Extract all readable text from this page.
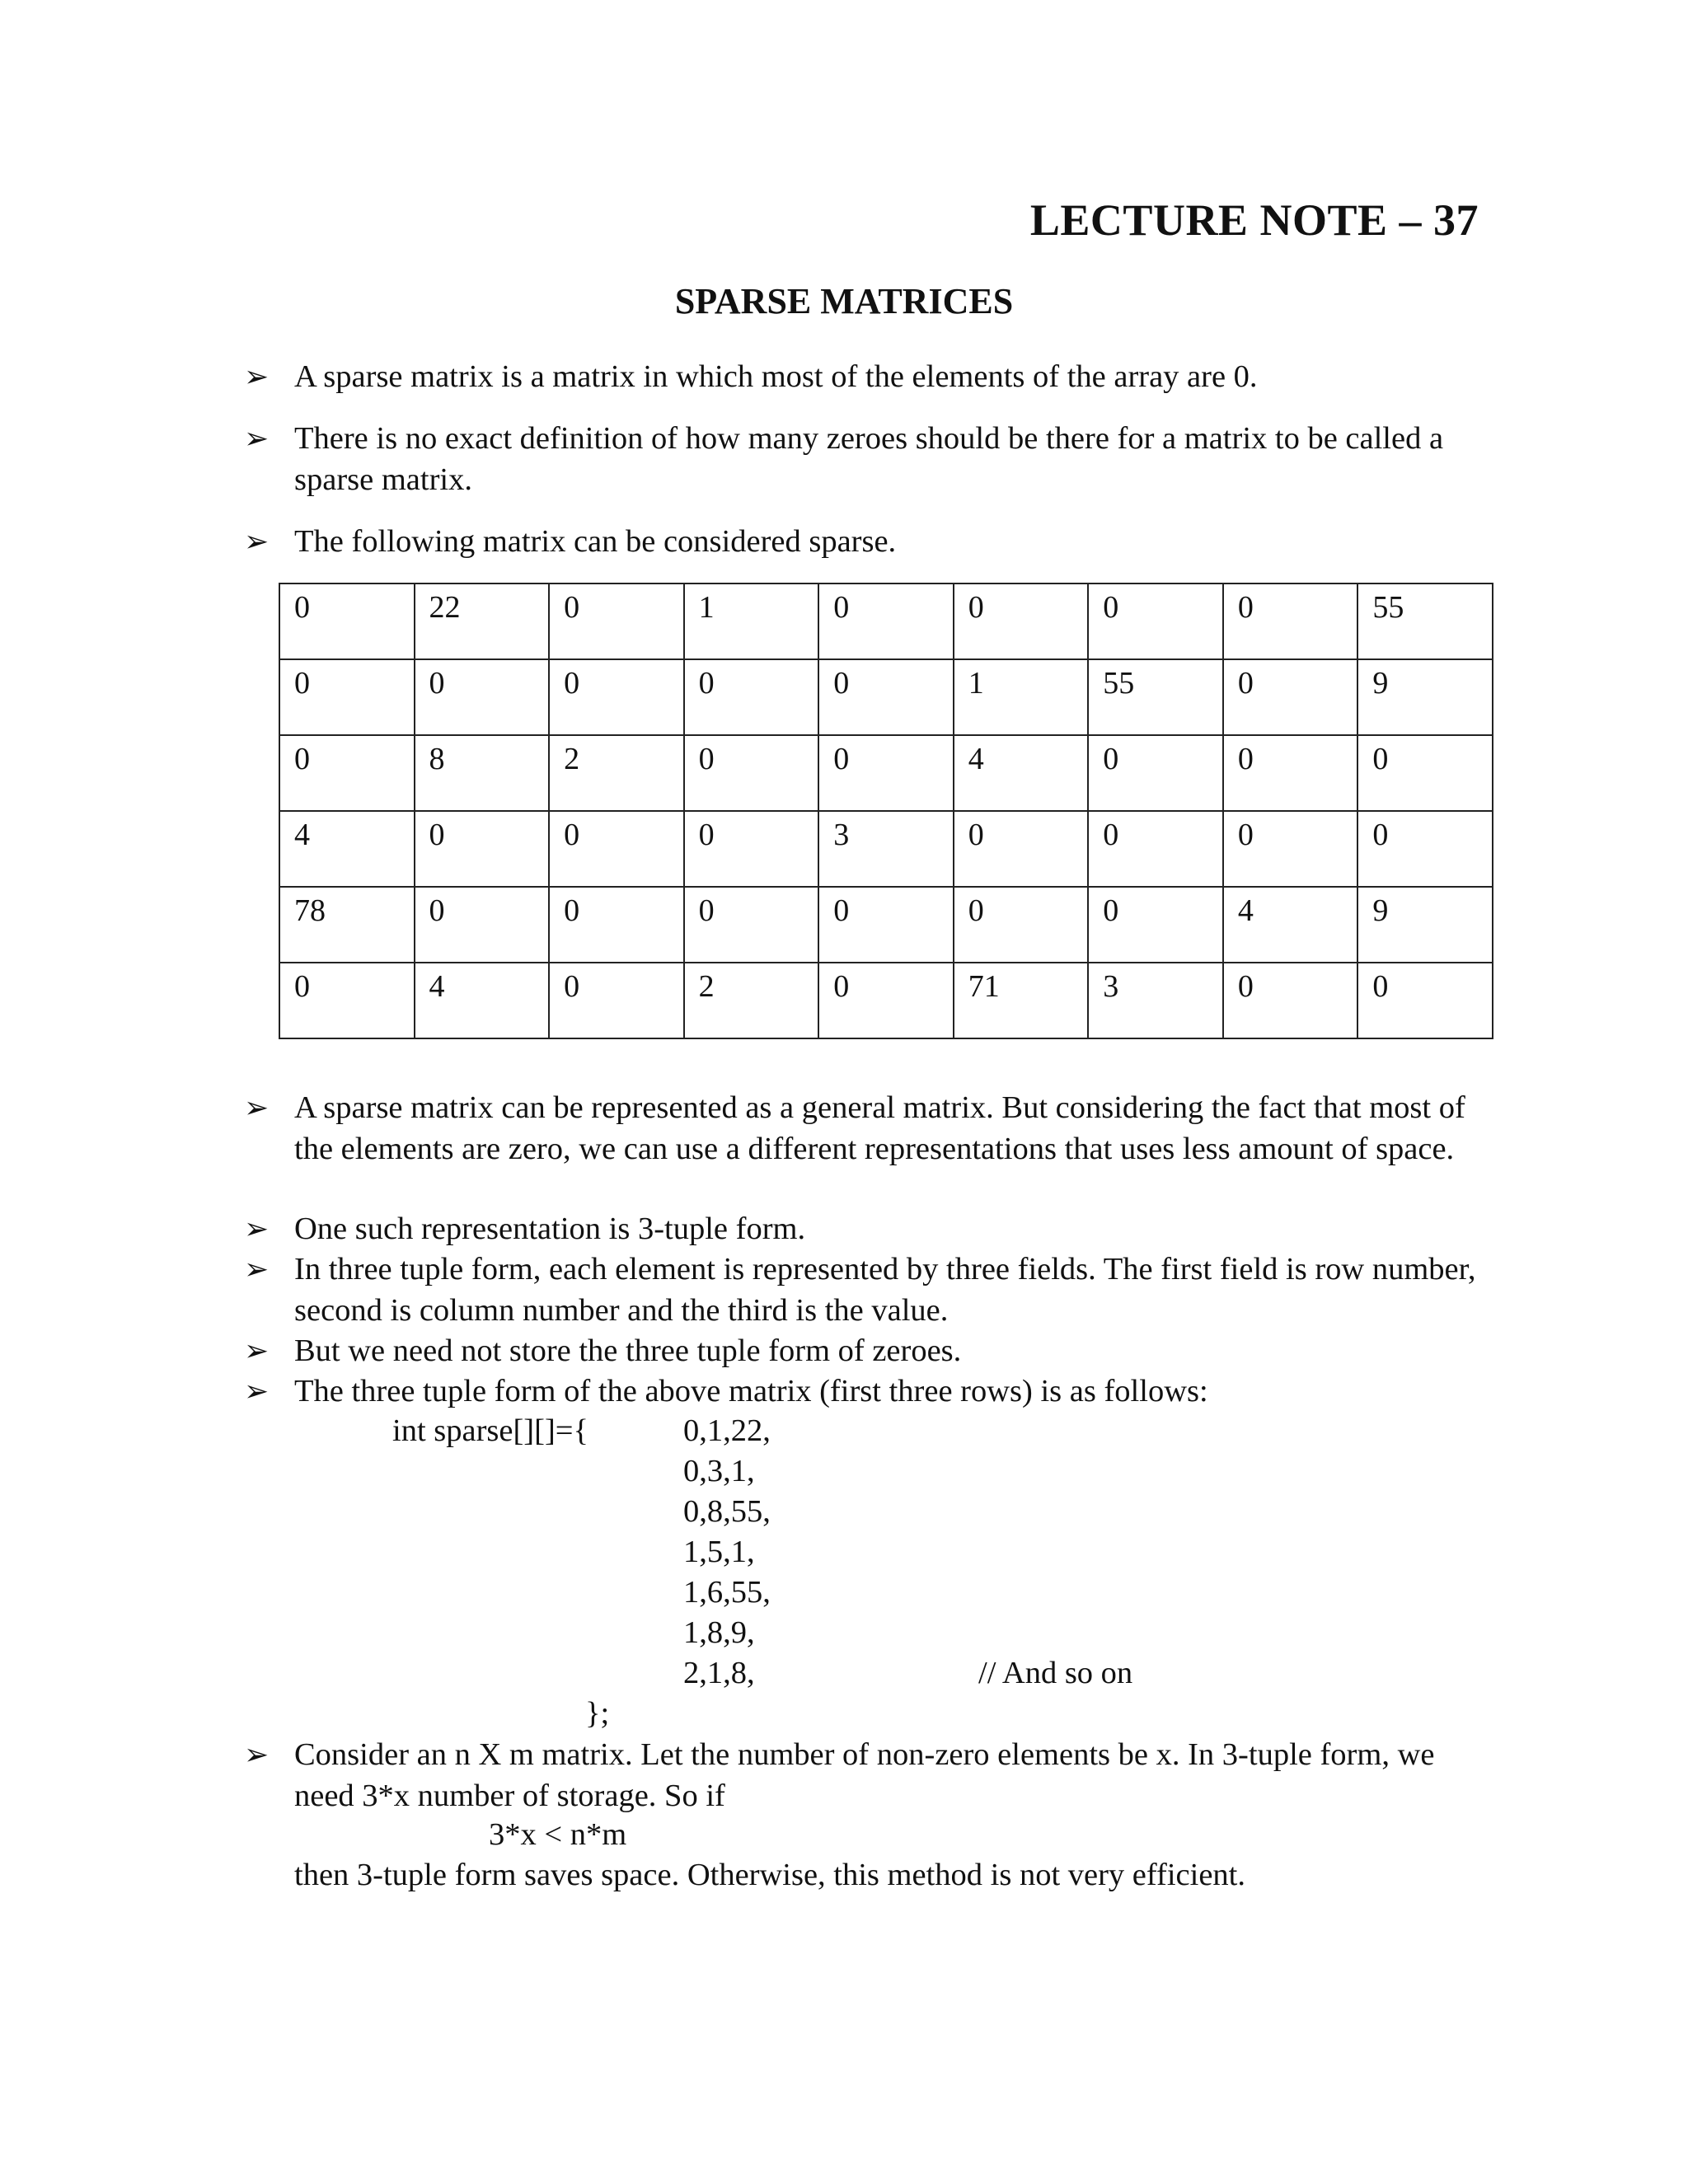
LECTURE NOTE – 37
SPARSE MATRICES
➢ A sparse matrix is a matrix in which most of the elements of the array are 0.
➢ There is no exact definition of how many zeroes should be there for a matrix to be called a sparse matrix.
➢ The following matrix can be considered sparse.
0	22	0	1	0	0	0	0	55
0	0	0	0	0	1	55	0	9
0	8	2	0	0	4	0	0	0
4	0	0	0	3	0	0	0	0
78	0	0	0	0	0	0	4	9
0	4	0	2	0	71	3	0	0
➢ A sparse matrix can be represented as a general matrix. But considering the fact that most of the elements are zero, we can use a different representations that uses less amount of space.
➢ One such representation is 3-tuple form.
➢ In three tuple form, each element is represented by three fields. The first field is row number, second is column number and the third is the value.
➢ But we need not store the three tuple form of zeroes.
➢ The three tuple form of the above matrix (first three rows) is as follows:
int sparse[][]={	0,1,22,
0,3,1,
0,8,55,
1,5,1,
1,6,55,
1,8,9,
2,1,8,	// And so on
};
➢ Consider an n X m matrix. Let the number of non-zero elements be x. In 3-tuple form, we need 3*x number of storage. So if
3*x < n*m
then 3-tuple form saves space. Otherwise, this method is not very efficient.
